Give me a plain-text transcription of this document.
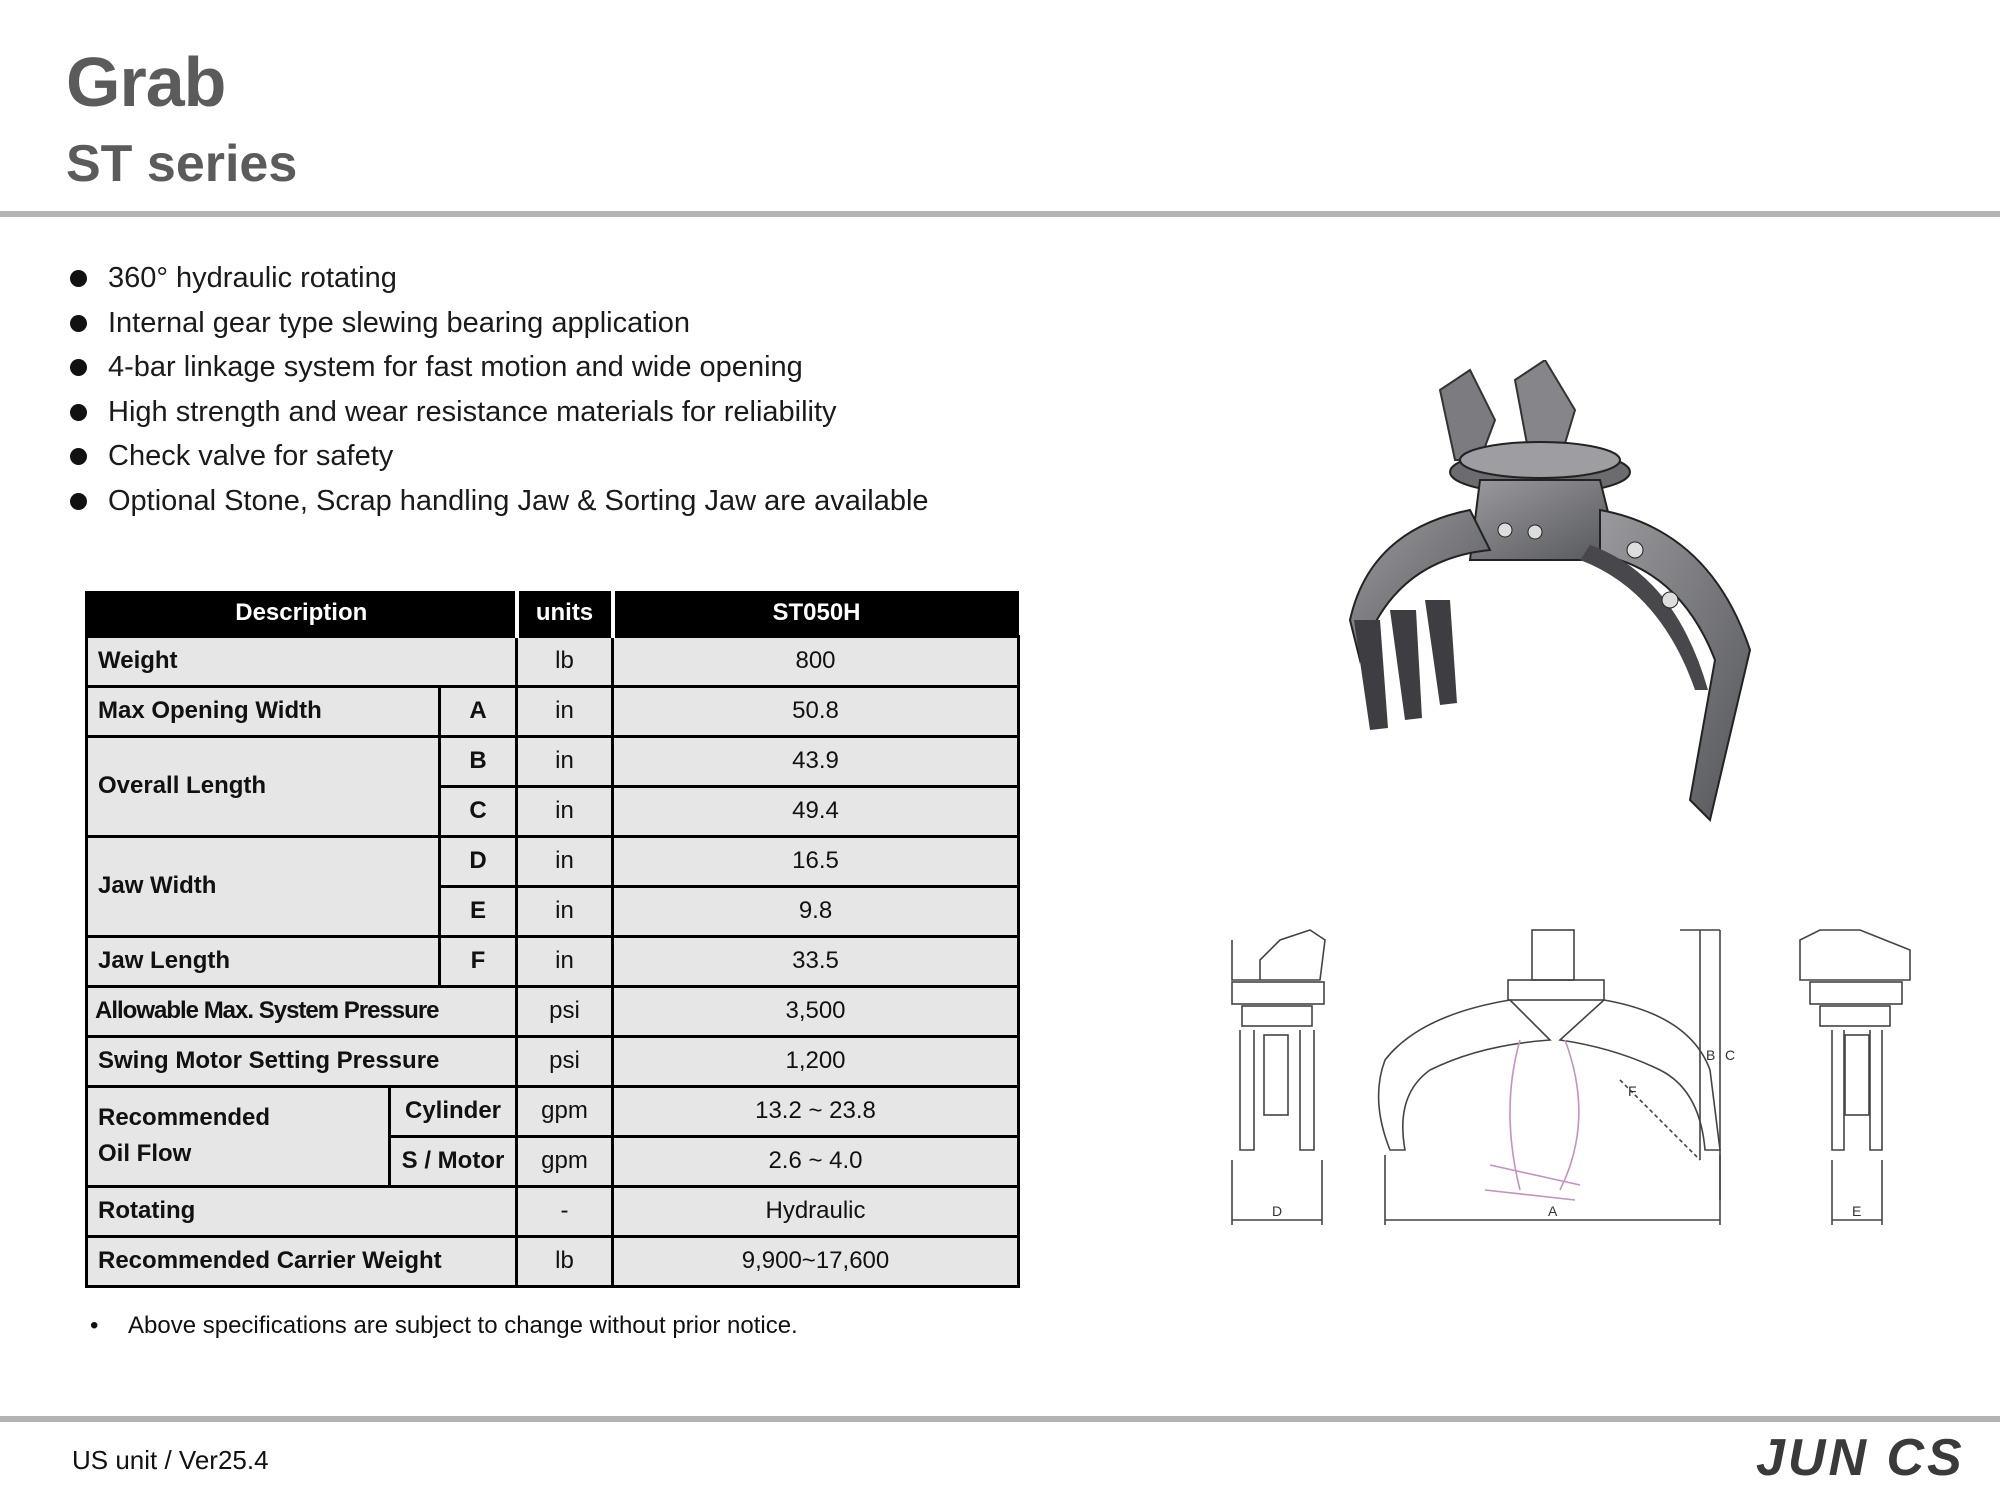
Grab
ST series
360° hydraulic rotating
Internal gear type slewing bearing application
4-bar linkage system for fast motion and wide opening
High strength and wear resistance materials for reliability
Check valve for safety
Optional Stone, Scrap handling Jaw & Sorting Jaw are available
Description			units	ST050H
Weight			lb	800
Max Opening Width		A	in	50.8
Overall Length		B	in	43.9
		C	in	49.4
Jaw Width		D	in	16.5
		E	in	9.8
Jaw Length		F	in	33.5
Allowable Max. System Pressure			psi	3,500
Swing Motor Setting Pressure			psi	1,200
Recommended
Oil Flow	Cylinder		gpm	13.2 ~ 23.8
	S / Motor		gpm	2.6 ~ 4.0
Rotating			-	Hydraulic
Recommended Carrier Weight			lb	9,900~17,600
• Above specifications are subject to change without prior notice.
D	A	E
B C
F
US unit / Ver25.4	JUN CS
